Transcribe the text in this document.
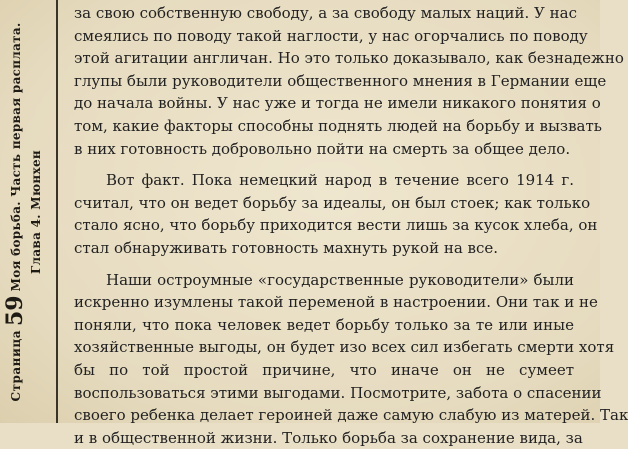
Страница59Моя борьба. Часть первая расплата. Глава 4. Мюнхен

за свою собственную свободу, а за свободу малых наций. У нас
смеялись по поводу такой наглости, у нас огорчались по поводу
этой агитации англичан. Но это только доказывало, как безнадежно
глупы были руководители общественного мнения в Германии еще
до начала войны. У нас уже и тогда не имели никакого понятия о
том, какие факторы способны поднять людей на борьбу и вызвать
в них готовность добровольно пойти на смерть за общее дело.

Вот факт. Пока немецкий народ в течение всего 1914 г.
считал, что он ведет борьбу за идеалы, он был стоек; как только
стало ясно, что борьбу приходится вести лишь за кусок хлеба, он
стал обнаруживать готовность махнуть рукой на все.

Наши остроумные «государственные руководители» были
искренно изумлены такой переменой в настроении. Они так и не
поняли, что пока человек ведет борьбу только за те или иные
хозяйственные выгоды, он будет изо всех сил избегать смерти хотя
бы по той простой причине, что иначе он не сумеет
воспользоваться этими выгодами. Посмотрите, забота о спасении
своего ребенка делает героиней даже самую слабую из матерей. Так
и в общественной жизни. Только борьба за сохранение вида, за
